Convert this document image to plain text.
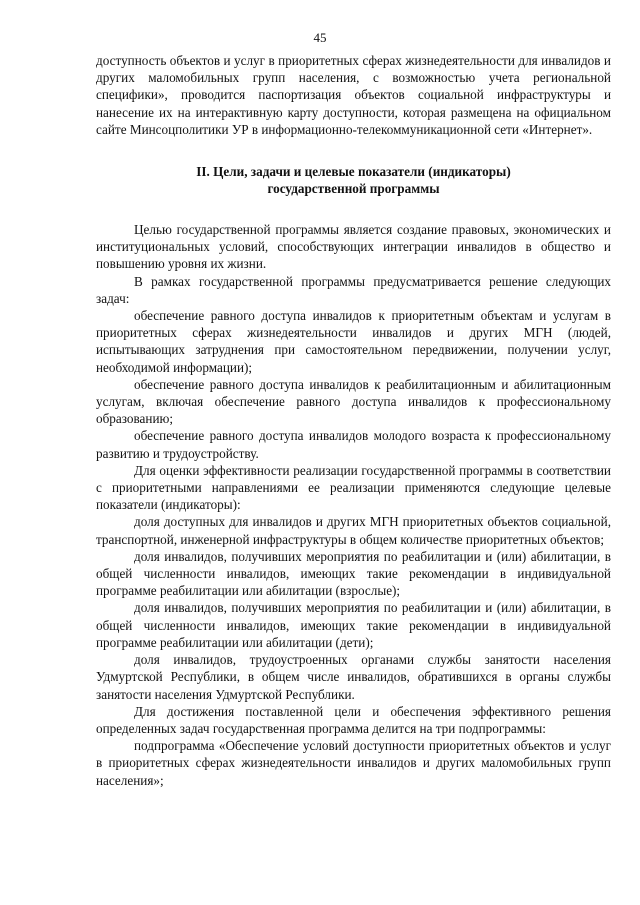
45

доступность объектов и услуг в приоритетных сферах жизнедеятельности для инвалидов и других маломобильных групп населения, с возможностью учета региональной специфики», проводится паспортизация объектов социальной инфраструктуры и нанесение их на интерактивную карту доступности, которая размещена на официальном сайте Минсоцполитики УР в информационно-телекоммуникационной сети «Интернет».

II. Цели, задачи и целевые показатели (индикаторы)
государственной программы

Целью государственной программы является создание правовых, экономических и институциональных условий, способствующих интеграции инвалидов в общество и повышению уровня их жизни.

В рамках государственной программы предусматривается решение следующих задач:

обеспечение равного доступа инвалидов к приоритетным объектам и услугам в приоритетных сферах жизнедеятельности инвалидов и других МГН (людей, испытывающих затруднения при самостоятельном передвижении, получении услуг, необходимой информации);

обеспечение равного доступа инвалидов к реабилитационным и абилитационным услугам, включая обеспечение равного доступа инвалидов к профессиональному образованию;

обеспечение равного доступа инвалидов молодого возраста к профессиональному развитию и трудоустройству.

Для оценки эффективности реализации государственной программы в соответствии с приоритетными направлениями ее реализации применяются следующие целевые показатели (индикаторы):

доля доступных для инвалидов и других МГН приоритетных объектов социальной, транспортной, инженерной инфраструктуры в общем количестве приоритетных объектов;

доля инвалидов, получивших мероприятия по реабилитации и (или) абилитации, в общей численности инвалидов, имеющих такие рекомендации в индивидуальной программе реабилитации или абилитации (взрослые);

доля инвалидов, получивших мероприятия по реабилитации и (или) абилитации, в общей численности инвалидов, имеющих такие рекомендации в индивидуальной программе реабилитации или абилитации (дети);

доля инвалидов, трудоустроенных органами службы занятости населения Удмуртской Республики, в общем числе инвалидов, обратившихся в органы службы занятости населения Удмуртской Республики.

Для достижения поставленной цели и обеспечения эффективного решения определенных задач государственная программа делится на три подпрограммы:

подпрограмма «Обеспечение условий доступности приоритетных объектов и услуг в приоритетных сферах жизнедеятельности инвалидов и других маломобильных групп населения»;
